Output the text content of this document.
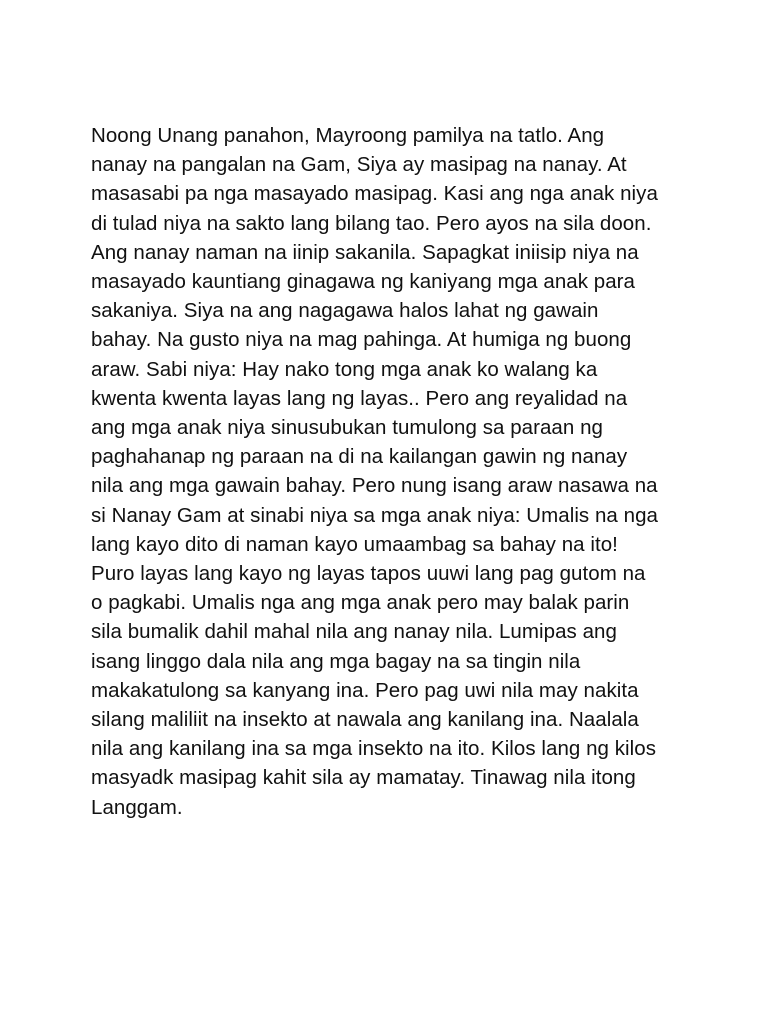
Noong Unang panahon, Mayroong pamilya na tatlo. Ang
nanay na pangalan na Gam, Siya ay masipag na nanay. At
masasabi pa nga masayado masipag. Kasi ang nga anak niya
di tulad niya na sakto lang bilang tao. Pero ayos na sila doon.
Ang nanay naman na iinip sakanila. Sapagkat iniisip niya na
masayado kauntiang ginagawa ng kaniyang mga anak para
sakaniya. Siya na ang nagagawa halos lahat ng gawain
bahay. Na gusto niya na mag pahinga. At humiga ng buong
araw. Sabi niya: Hay nako tong mga anak ko walang ka
kwenta kwenta layas lang ng layas.. Pero ang reyalidad na
ang mga anak niya sinusubukan tumulong sa paraan ng
paghahanap ng paraan na di na kailangan gawin ng nanay
nila ang mga gawain bahay. Pero nung isang araw nasawa na
si Nanay Gam at sinabi niya sa mga anak niya: Umalis na nga
lang kayo dito di naman kayo umaambag sa bahay na ito!
Puro layas lang kayo ng layas tapos uuwi lang pag gutom na
o pagkabi. Umalis nga ang mga anak pero may balak parin
sila bumalik dahil mahal nila ang nanay nila. Lumipas ang
isang linggo dala nila ang mga bagay na sa tingin nila
makakatulong sa kanyang ina. Pero pag uwi nila may nakita
silang maliliit na insekto at nawala ang kanilang ina. Naalala
nila ang kanilang ina sa mga insekto na ito. Kilos lang ng kilos
masyadk masipag kahit sila ay mamatay. Tinawag nila itong
Langgam.
